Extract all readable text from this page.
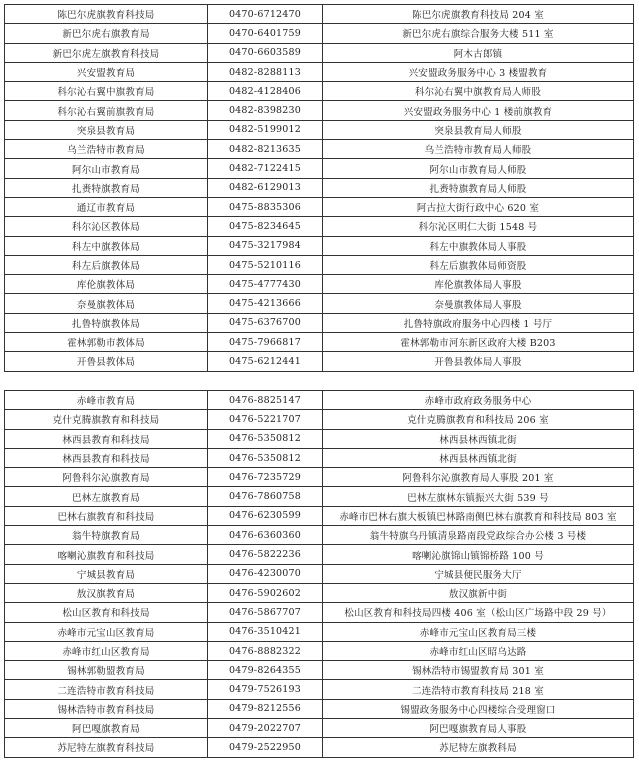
陈巴尔虎旗教育科技局	0470-6712470	陈巴尔虎旗教育科技局 204 室
新巴尔虎右旗教育局	0470-6401759	新巴尔虎右旗综合服务大楼 511 室
新巴尔虎左旗教育科技局	0470-6603589	阿木古郎镇
兴安盟教育局	0482-8288113	兴安盟政务服务中心 3 楼盟教育
科尔沁右翼中旗教育局	0482-4128406	科尔沁右翼中旗教育局人师股
科尔沁右翼前旗教育局	0482-8398230	兴安盟政务服务中心 1 楼前旗教育
突泉县教育局	0482-5199012	突泉县教育局人师股
乌兰浩特市教育局	0482-8213635	乌兰浩特市教育局人师股
阿尔山市教育局	0482-7122415	阿尔山市教育局人师股
扎赉特旗教育局	0482-6129013	扎赉特旗教育局人师股
通辽市教育局	0475-8835306	阿古拉大街行政中心 620 室
科尔沁区教体局	0475-8234645	科尔沁区明仁大街 1548 号
科左中旗教体局	0475-3217984	科左中旗教体局人事股
科左后旗教体局	0475-5210116	科左后旗教体局师资股
库伦旗教体局	0475-4777430	库伦旗教体局人事股
奈曼旗教体局	0475-4213666	奈曼旗教体局人事股
扎鲁特旗教体局	0475-6376700	扎鲁特旗政府服务中心四楼 1 号厅
霍林郭勒市教体局	0475-7966817	霍林郭勒市河东新区政府大楼 B203
开鲁县教体局	0475-6212441	开鲁县教体局人事股
赤峰市教育局	0476-8825147	赤峰市政府政务服务中心
克什克腾旗教育和科技局	0476-5221707	克什克腾旗教育和科技局 206 室
林西县教育和科技局	0476-5350812	林西县林西镇北街
林西县教育和科技局	0476-5350812	林西县林西镇北街
阿鲁科尔沁旗教育局	0476-7235729	阿鲁科尔沁旗教育局人事股 201 室
巴林左旗教育局	0476-7860758	巴林左旗林东镇振兴大街 539 号
巴林右旗教育和科技局	0476-6230599	赤峰市巴林右旗大板镇巴林路南侧巴林右旗教育和科技局 803 室
翁牛特旗教育局	0476-6360360	翁牛特旗乌丹镇清泉路南段党政综合办公楼 3 号楼
喀喇沁旗教育和科技局	0476-5822236	喀喇沁旗锦山镇锦桥路 100 号
宁城县教育局	0476-4230070	宁城县便民服务大厅
敖汉旗教育局	0476-5902602	敖汉旗新中街
松山区教育和科技局	0476-5867707	松山区教育和科技局四楼 406 室（松山区广场路中段 29 号）
赤峰市元宝山区教育局	0476-3510421	赤峰市元宝山区教育局三楼
赤峰市红山区教育局	0476-8882322	赤峰市红山区昭乌达路
锡林郭勒盟教育局	0479-8264355	锡林浩特市锡盟教育局 301 室
二连浩特市教育科技局	0479-7526193	二连浩特市教育科技局 218 室
锡林浩特市教育科技局	0479-8212556	锡盟政务服务中心四楼综合受理窗口
阿巴嘎旗教育局	0479-2022707	阿巴嘎旗教育局人事股
苏尼特左旗教育科技局	0479-2522950	苏尼特左旗教科局
